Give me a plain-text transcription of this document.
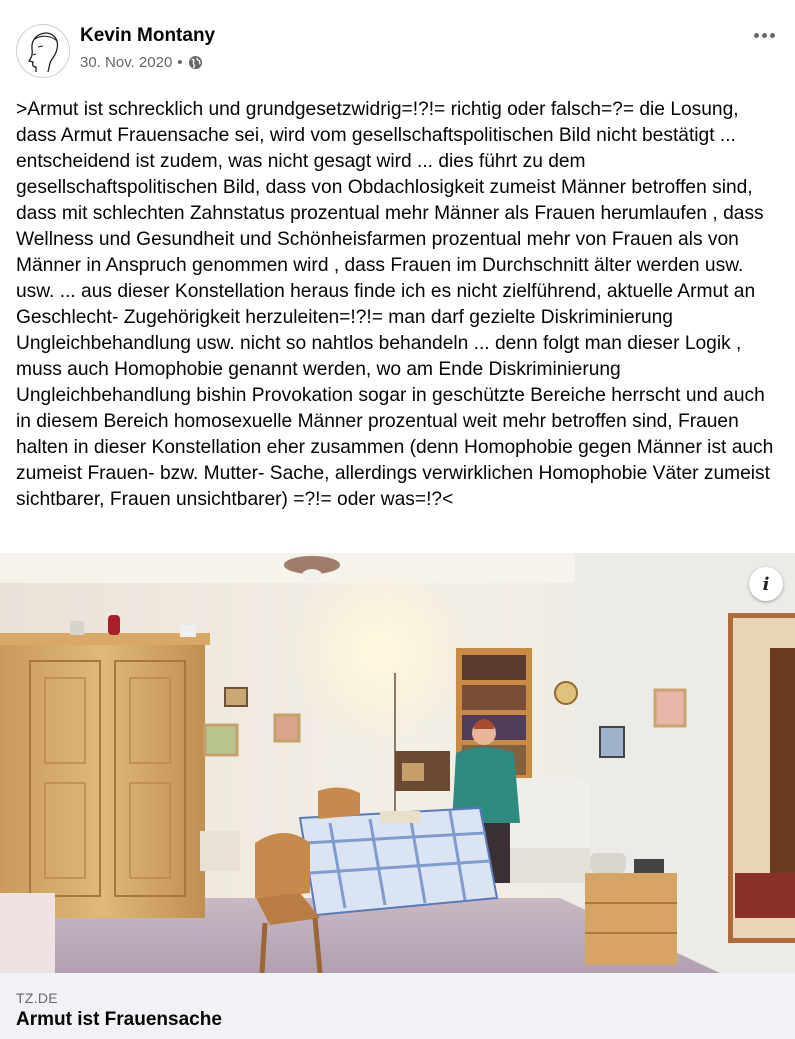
Kevin Montany
30. Nov. 2020 •
>Armut ist schrecklich und grundgesetzwidrig=!?!= richtig oder falsch=?= die Losung, dass Armut Frauensache sei, wird vom gesellschaftspolitischen Bild nicht bestätigt ... entscheidend ist zudem, was nicht gesagt wird ... dies führt zu dem gesellschaftspolitischen Bild, dass von Obdachlosigkeit zumeist Männer betroffen sind, dass mit schlechten Zahnstatus prozentual mehr Männer als Frauen herumlaufen , dass Wellness und Gesundheit und Schönheisfarmen prozentual mehr von Frauen als von Männer in Anspruch genommen wird , dass Frauen im Durchschnitt älter werden usw. usw. ... aus dieser Konstellation heraus finde ich es nicht zielführend, aktuelle Armut an Geschlecht- Zugehörigkeit herzuleiten=!?!= man darf gezielte Diskriminierung Ungleichbehandlung usw. nicht so nahtlos behandeln ... denn folgt man dieser Logik , muss auch Homophobie genannt werden, wo am Ende Diskriminierung Ungleichbehandlung bishin Provokation sogar in geschützte Bereiche herrscht und auch in diesem Bereich homosexuelle Männer prozentual weit mehr betroffen sind, Frauen halten in dieser Konstellation eher zusammen (denn Homophobie gegen Männer ist auch zumeist Frauen- bzw. Mutter- Sache, allerdings verwirklichen Homophobie Väter zumeist sichtbarer, Frauen unsichtbarer) =?!= oder was=!?<
i
TZ.DE
Armut ist Frauensache
